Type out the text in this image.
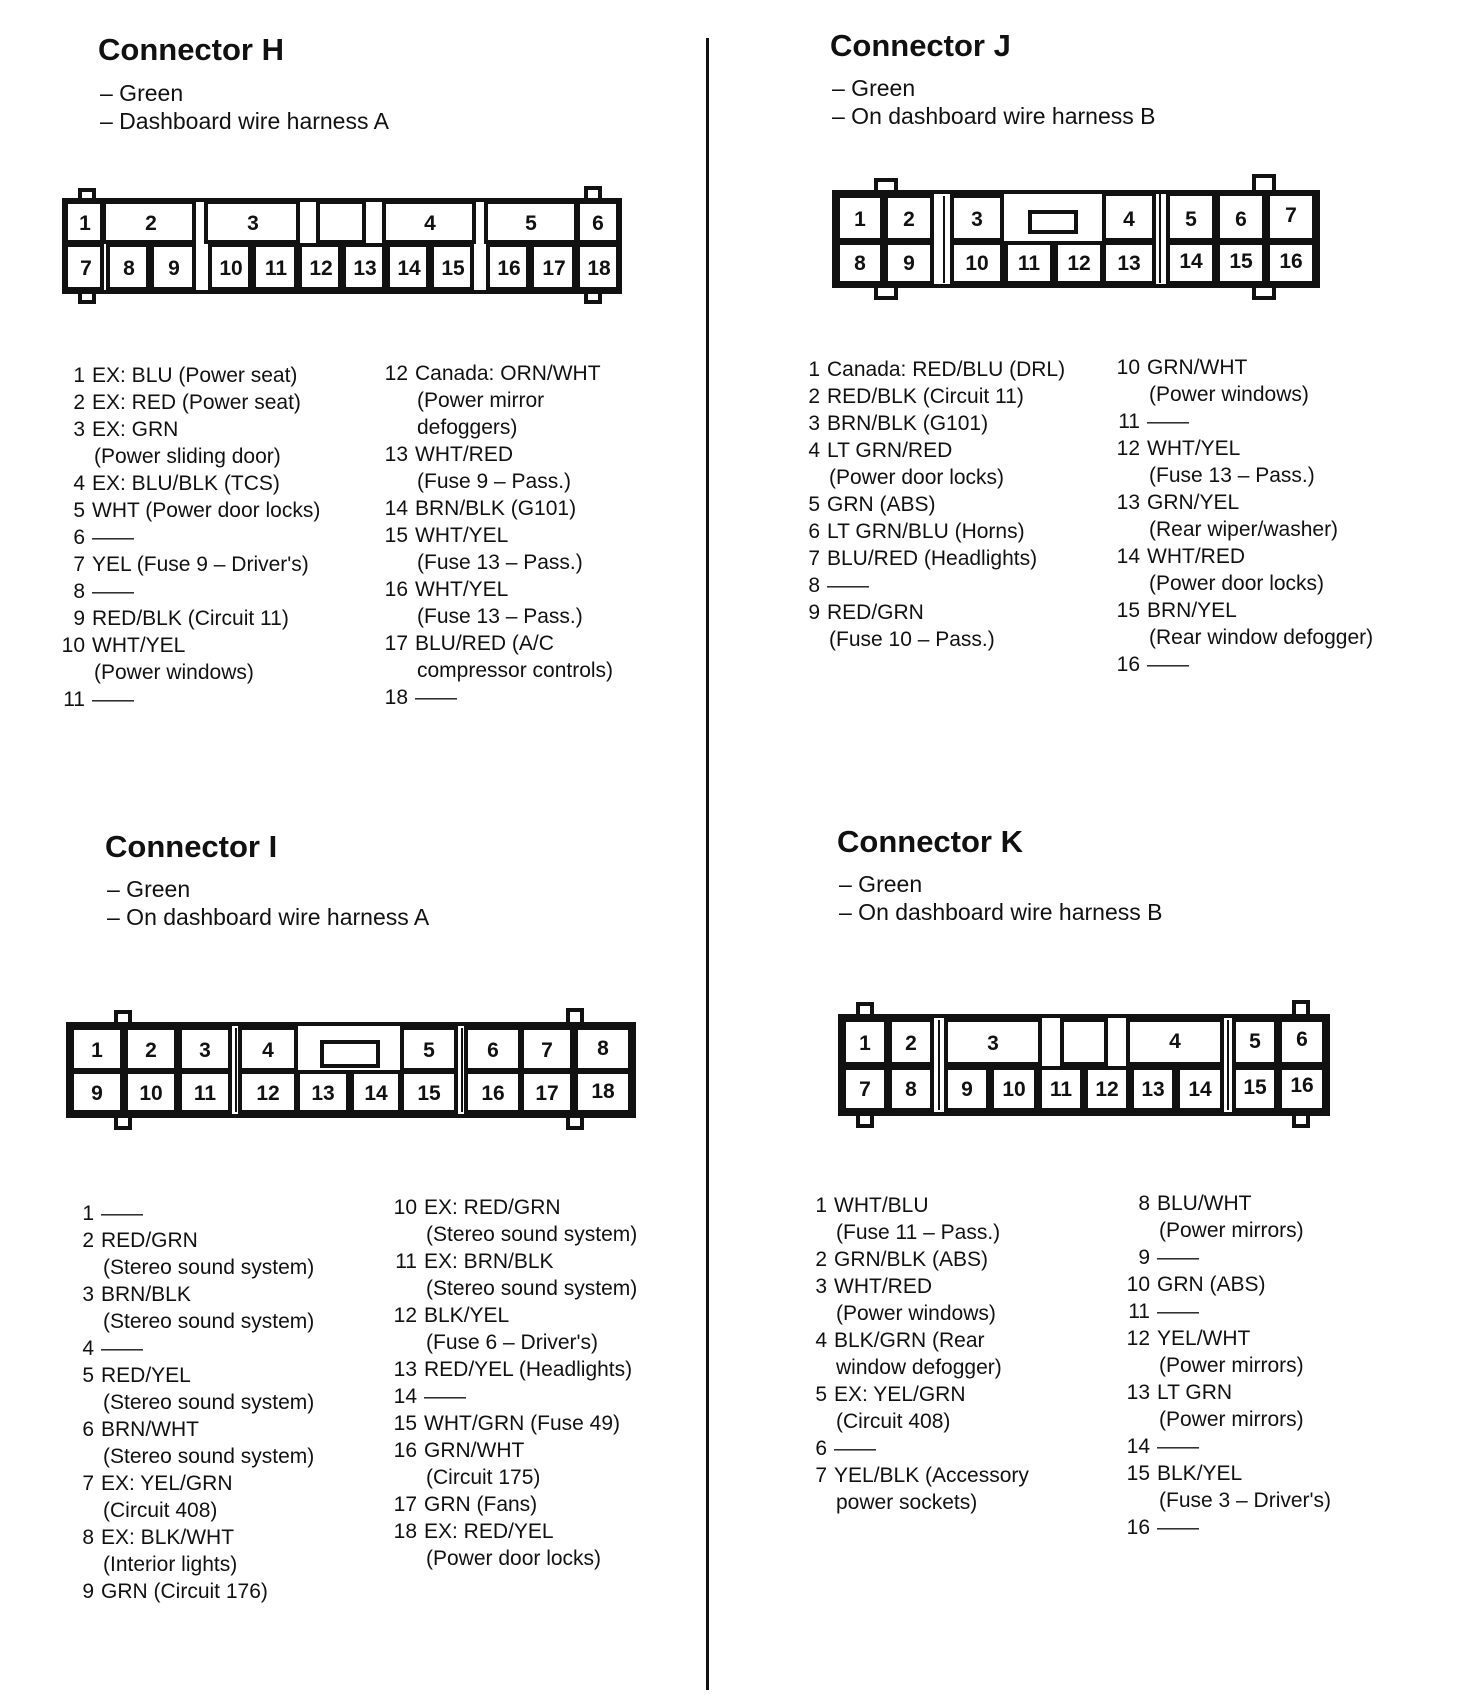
Connector H
– Green
– Dashboard wire harness A
1	2	3	4	5	6
7 8 9 10 11 12 13 14 15 16 17 18
1 EX: BLU (Power seat)
2 EX: RED (Power seat)
3 EX: GRN
(Power sliding door)
4 EX: BLU/BLK (TCS)
5 WHT (Power door locks)
6 ——
7 YEL (Fuse 9 – Driver's)
8 ——
9 RED/BLK (Circuit 11)
10 WHT/YEL
(Power windows)
11 ——
12 Canada: ORN/WHT
(Power mirror
defoggers)
13 WHT/RED
(Fuse 9 – Pass.)
14 BRN/BLK (G101)
15 WHT/YEL
(Fuse 13 – Pass.)
16 WHT/YEL
(Fuse 13 – Pass.)
17 BLU/RED (A/C
compressor controls)
18 ——
Connector J
– Green
– On dashboard wire harness B
1 2	3	4 5 6 7
8 9 10 11 12 13 14 15 16
1 Canada: RED/BLU (DRL)
2 RED/BLK (Circuit 11)
3 BRN/BLK (G101)
4 LT GRN/RED
(Power door locks)
5 GRN (ABS)
6 LT GRN/BLU (Horns)
7 BLU/RED (Headlights)
8 ——
9 RED/GRN
(Fuse 10 – Pass.)
10 GRN/WHT
(Power windows)
11 ——
12 WHT/YEL
(Fuse 13 – Pass.)
13 GRN/YEL
(Rear wiper/washer)
14 WHT/RED
(Power door locks)
15 BRN/YEL
(Rear window defogger)
16 ——
Connector I
– Green
– On dashboard wire harness A
1 2 3 4	5 6 7 8
9 10 11 12 13 14 15 16 17 18
1 ——
2 RED/GRN
(Stereo sound system)
3 BRN/BLK
(Stereo sound system)
4 ——
5 RED/YEL
(Stereo sound system)
6 BRN/WHT
(Stereo sound system)
7 EX: YEL/GRN
(Circuit 408)
8 EX: BLK/WHT
(Interior lights)
9 GRN (Circuit 176)
10 EX: RED/GRN
(Stereo sound system)
11 EX: BRN/BLK
(Stereo sound system)
12 BLK/YEL
(Fuse 6 – Driver's)
13 RED/YEL (Headlights)
14 ——
15 WHT/GRN (Fuse 49)
16 GRN/WHT
(Circuit 175)
17 GRN (Fans)
18 EX: RED/YEL
(Power door locks)
Connector K
– Green
– On dashboard wire harness B
1 2	3	4	5 6
7 8 9 10 11 12 13 14 15 16
1 WHT/BLU
(Fuse 11 – Pass.)
2 GRN/BLK (ABS)
3 WHT/RED
(Power windows)
4 BLK/GRN (Rear
window defogger)
5 EX: YEL/GRN
(Circuit 408)
6 ——
7 YEL/BLK (Accessory
power sockets)
8 BLU/WHT
(Power mirrors)
9 ——
10 GRN (ABS)
11 ——
12 YEL/WHT
(Power mirrors)
13 LT GRN
(Power mirrors)
14 ——
15 BLK/YEL
(Fuse 3 – Driver's)
16 ——
